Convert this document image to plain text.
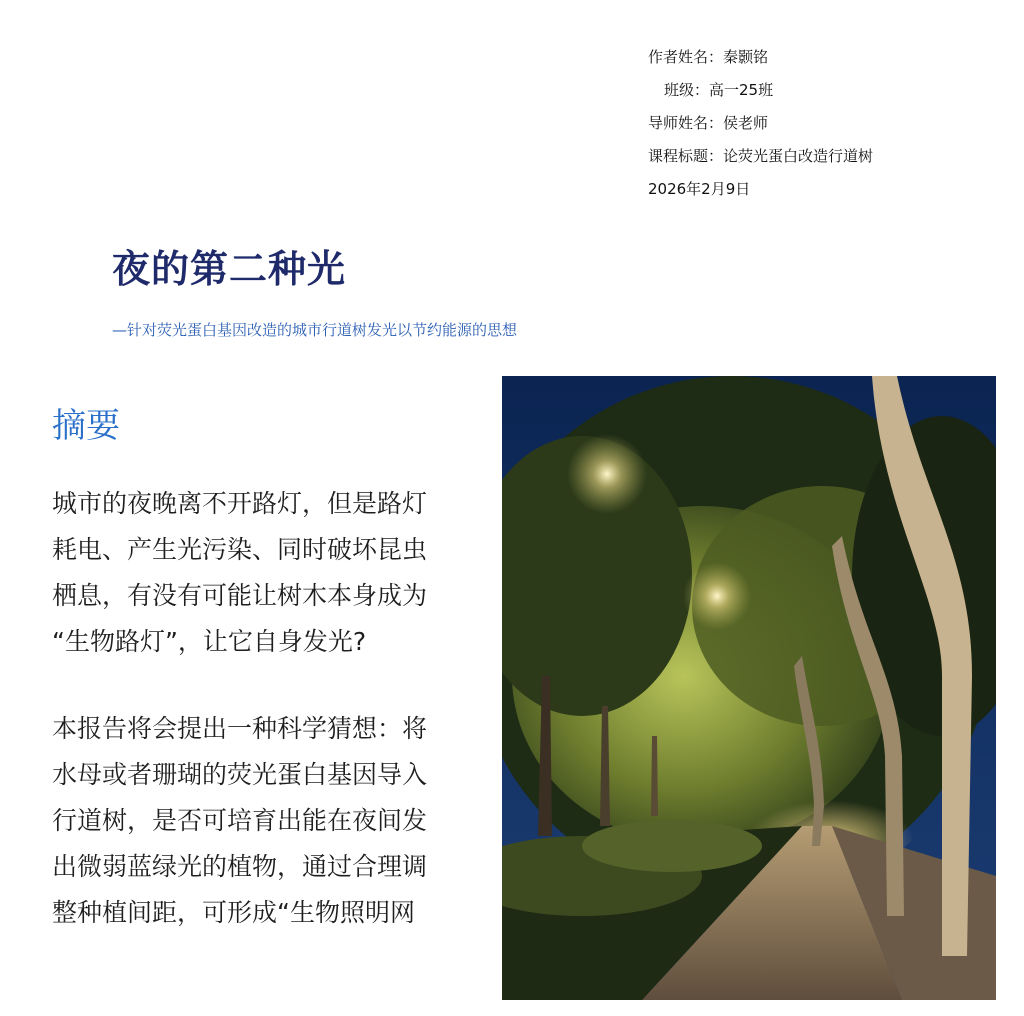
作者姓名：秦颢铭
班级：高一25班
导师姓名：侯老师
课程标题：论荧光蛋白改造行道树
2026年2月9日
夜的第二种光
—针对荧光蛋白基因改造的城市行道树发光以节约能源的思想
摘要
城市的夜晚离不开路灯，但是路灯
耗电、产生光污染、同时破坏昆虫
栖息，有没有可能让树木本身成为
“生物路灯”，让它自身发光?
本报告将会提出一种科学猜想：将
水母或者珊瑚的荧光蛋白基因导入
行道树，是否可培育出能在夜间发
出微弱蓝绿光的植物，通过合理调
整种植间距，可形成“生物照明网
